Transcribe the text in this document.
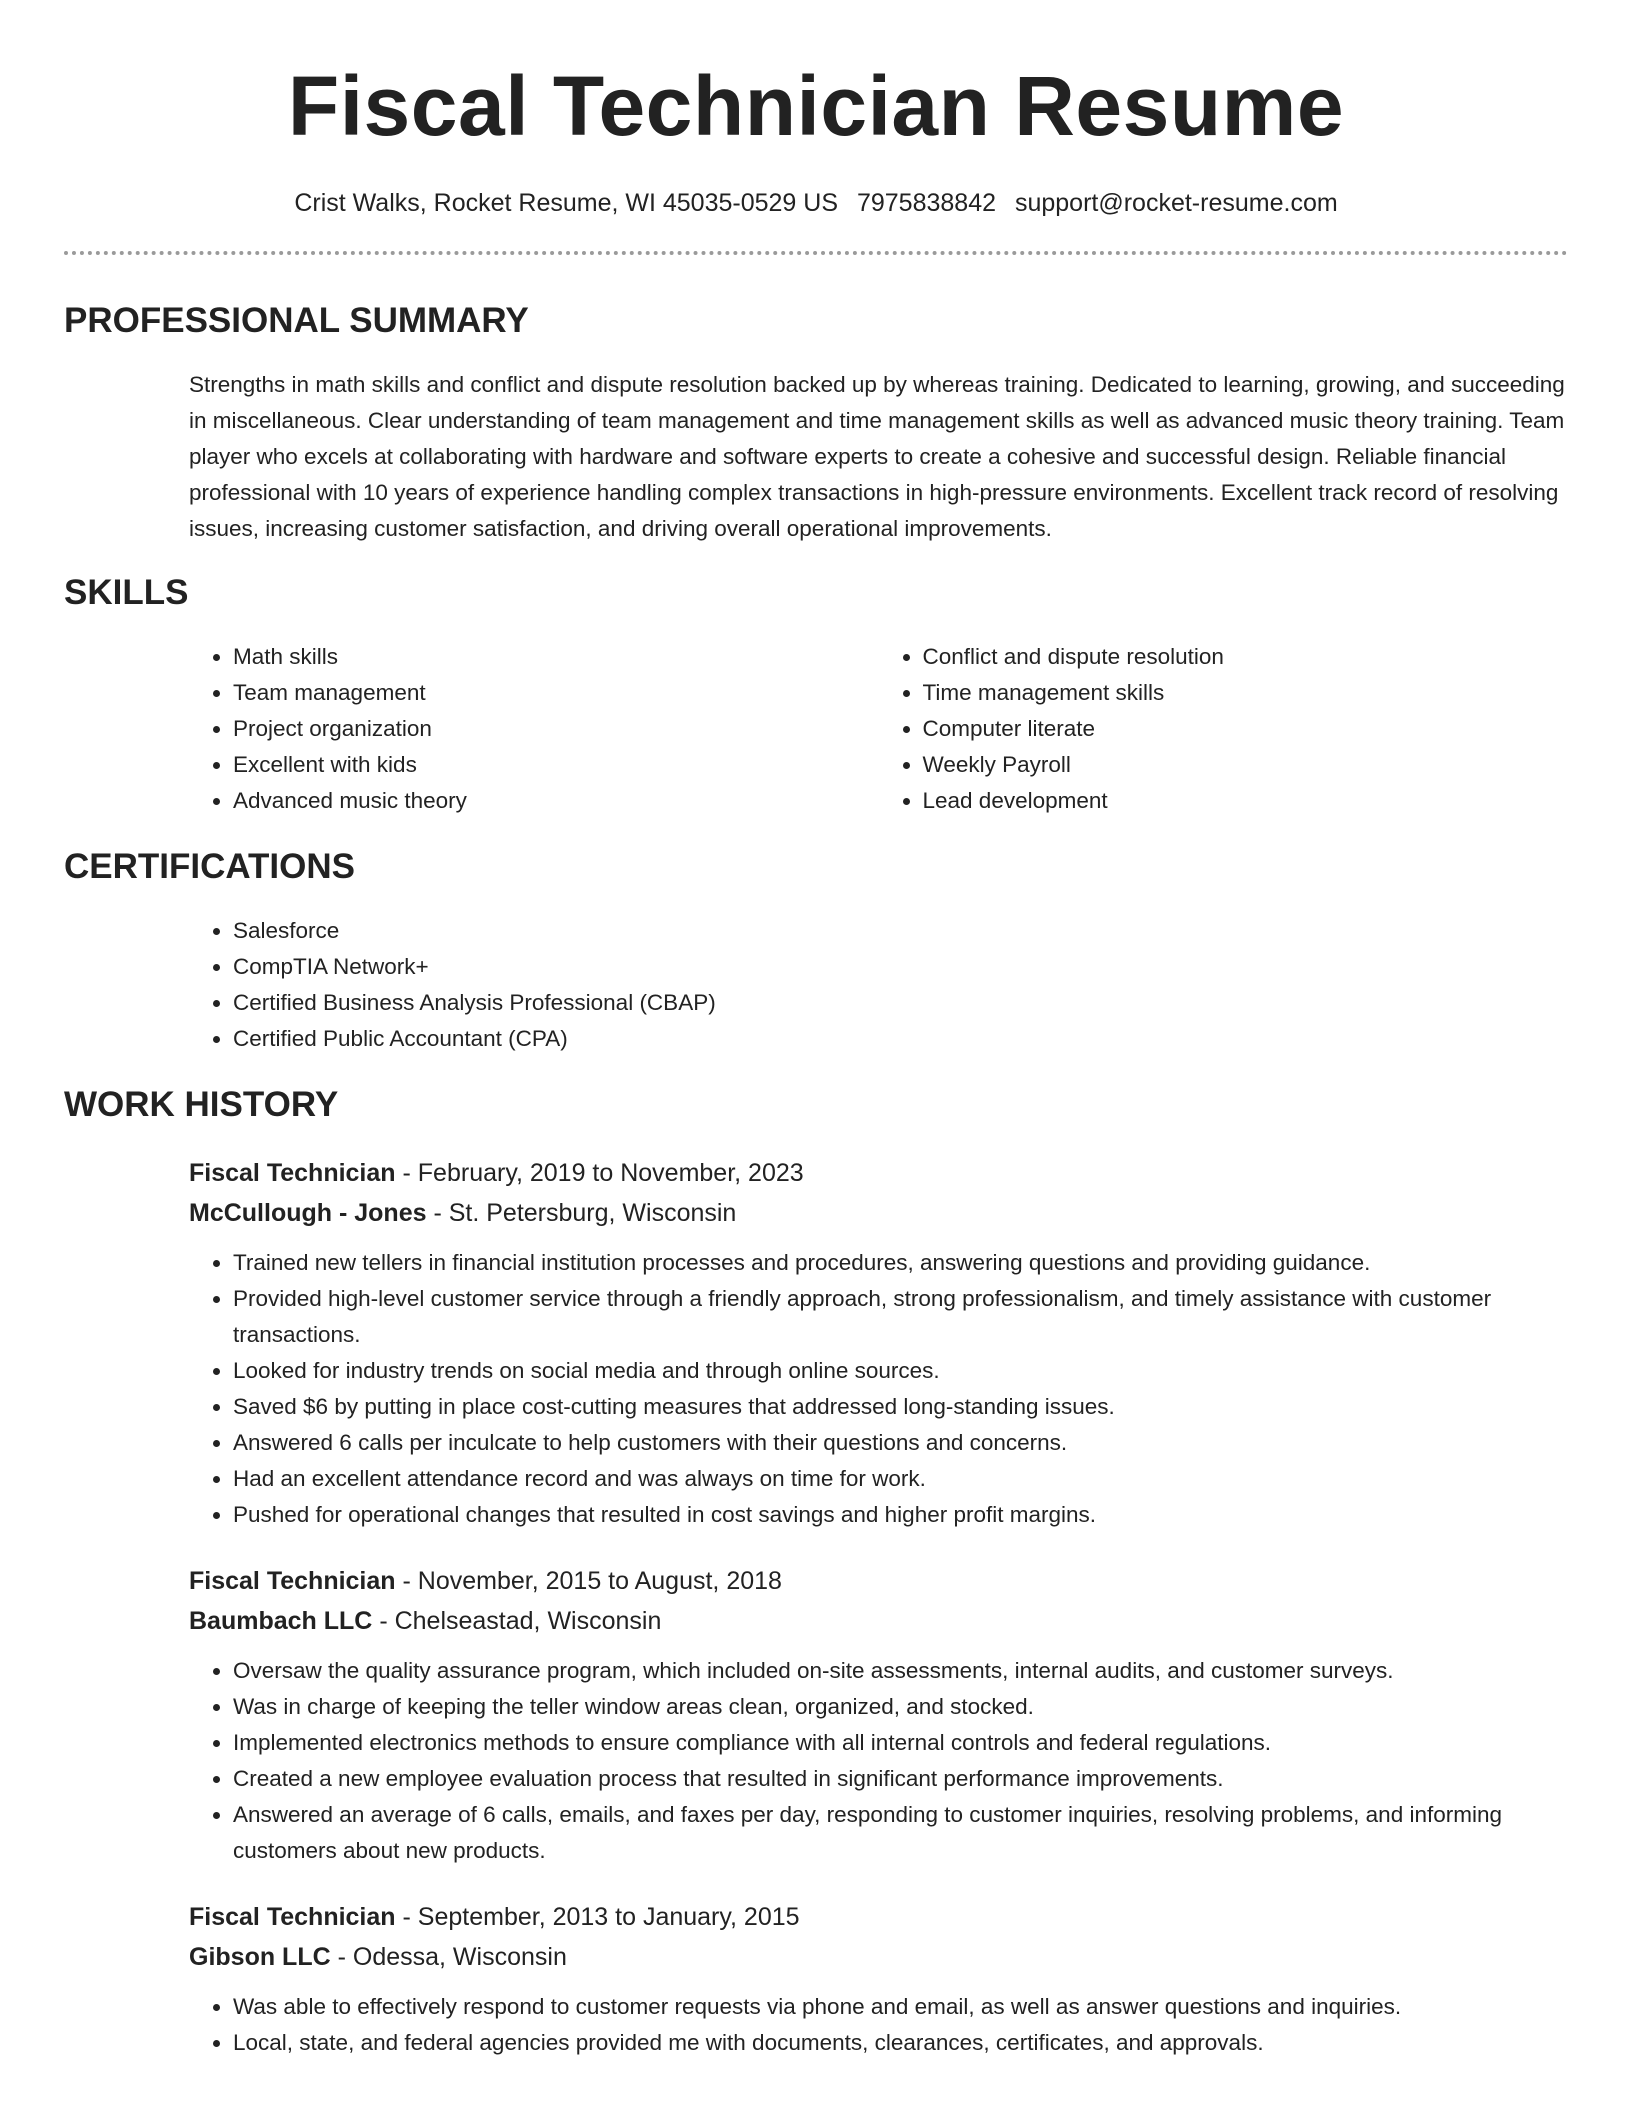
Fiscal Technician Resume
Crist Walks, Rocket Resume, WI 45035-0529 US 7975838842 support@rocket-resume.com
PROFESSIONAL SUMMARY

Strengths in math skills and conflict and dispute resolution backed up by whereas training. Dedicated to learning, growing, and succeeding in miscellaneous. Clear understanding of team management and time management skills as well as advanced music theory training. Team player who excels at collaborating with hardware and software experts to create a cohesive and successful design. Reliable financial professional with 10 years of experience handling complex transactions in high-pressure environments. Excellent track record of resolving issues, increasing customer satisfaction, and driving overall operational improvements.

SKILLS
• Math skills
• Team management
• Project organization
• Excellent with kids
• Advanced music theory
• Conflict and dispute resolution
• Time management skills
• Computer literate
• Weekly Payroll
• Lead development
CERTIFICATIONS
• Salesforce
• CompTIA Network+
• Certified Business Analysis Professional (CBAP)
• Certified Public Accountant (CPA)
WORK HISTORY
Fiscal Technician - February, 2019 to November, 2023
McCullough - Jones - St. Petersburg, Wisconsin
• Trained new tellers in financial institution processes and procedures, answering questions and providing guidance.
• Provided high-level customer service through a friendly approach, strong professionalism, and timely assistance with customer transactions.
• Looked for industry trends on social media and through online sources.
• Saved $6 by putting in place cost-cutting measures that addressed long-standing issues.
• Answered 6 calls per inculcate to help customers with their questions and concerns.
• Had an excellent attendance record and was always on time for work.
• Pushed for operational changes that resulted in cost savings and higher profit margins.
Fiscal Technician - November, 2015 to August, 2018
Baumbach LLC - Chelseastad, Wisconsin
• Oversaw the quality assurance program, which included on-site assessments, internal audits, and customer surveys.
• Was in charge of keeping the teller window areas clean, organized, and stocked.
• Implemented electronics methods to ensure compliance with all internal controls and federal regulations.
• Created a new employee evaluation process that resulted in significant performance improvements.
• Answered an average of 6 calls, emails, and faxes per day, responding to customer inquiries, resolving problems, and informing customers about new products.
Fiscal Technician - September, 2013 to January, 2015
Gibson LLC - Odessa, Wisconsin
• Was able to effectively respond to customer requests via phone and email, as well as answer questions and inquiries.
• Local, state, and federal agencies provided me with documents, clearances, certificates, and approvals.
